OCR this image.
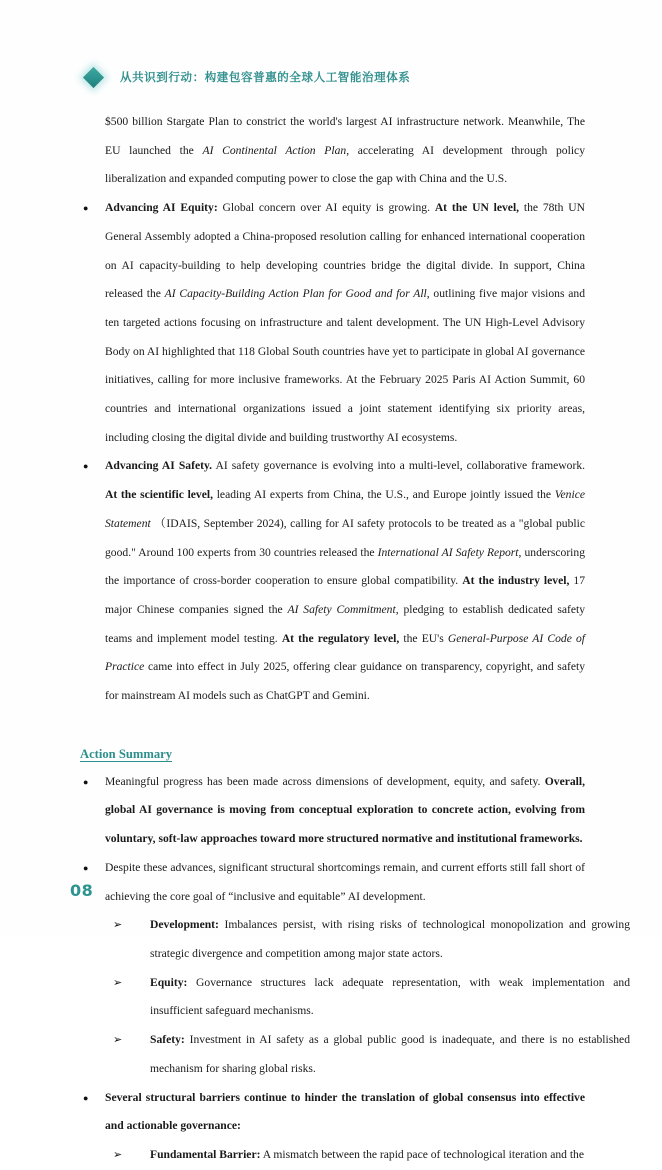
从共识到行动：构建包容普惠的全球人工智能治理体系
$500 billion Stargate Plan to constrict the world's largest AI infrastructure network. Meanwhile, The EU launched the AI Continental Action Plan, accelerating AI development through policy liberalization and expanded computing power to close the gap with China and the U.S.
● Advancing AI Equity: Global concern over AI equity is growing. At the UN level, the 78th UN General Assembly adopted a China-proposed resolution calling for enhanced international cooperation on AI capacity-building to help developing countries bridge the digital divide. In support, China released the AI Capacity-Building Action Plan for Good and for All, outlining five major visions and ten targeted actions focusing on infrastructure and talent development. The UN High-Level Advisory Body on AI highlighted that 118 Global South countries have yet to participate in global AI governance initiatives, calling for more inclusive frameworks. At the February 2025 Paris AI Action Summit, 60 countries and international organizations issued a joint statement identifying six priority areas, including closing the digital divide and building trustworthy AI ecosystems.
● Advancing AI Safety. AI safety governance is evolving into a multi-level, collaborative framework. At the scientific level, leading AI experts from China, the U.S., and Europe jointly issued the Venice Statement （IDAIS, September 2024), calling for AI safety protocols to be treated as a "global public good." Around 100 experts from 30 countries released the International AI Safety Report, underscoring the importance of cross-border cooperation to ensure global compatibility. At the industry level, 17 major Chinese companies signed the AI Safety Commitment, pledging to establish dedicated safety teams and implement model testing. At the regulatory level, the EU's General-Purpose AI Code of Practice came into effect in July 2025, offering clear guidance on transparency, copyright, and safety for mainstream AI models such as ChatGPT and Gemini.
Action Summary
● Meaningful progress has been made across dimensions of development, equity, and safety. Overall, global AI governance is moving from conceptual exploration to concrete action, evolving from voluntary, soft-law approaches toward more structured normative and institutional frameworks.
● Despite these advances, significant structural shortcomings remain, and current efforts still fall short of achieving the core goal of “inclusive and equitable” AI development.
➢ Development: Imbalances persist, with rising risks of technological monopolization and growing strategic divergence and competition among major state actors.
➢ Equity: Governance structures lack adequate representation, with weak implementation and insufficient safeguard mechanisms.
➢ Safety: Investment in AI safety as a global public good is inadequate, and there is no established mechanism for sharing global risks.
● Several structural barriers continue to hinder the translation of global consensus into effective and actionable governance:
➢ Fundamental Barrier: A mismatch between the rapid pace of technological iteration and the
08
